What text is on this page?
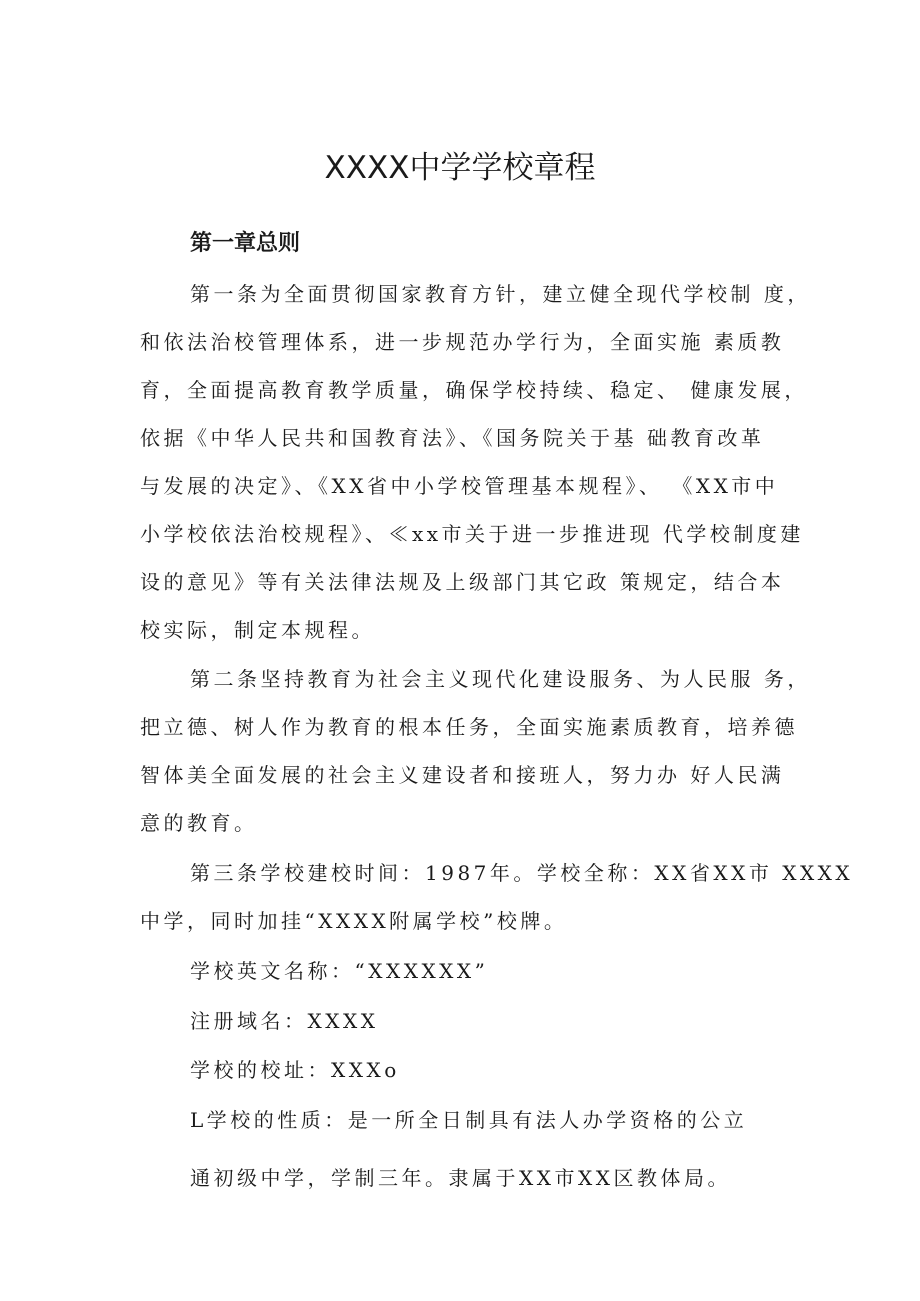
XXXX中学学校章程
第一章总则

第一条为全面贯彻国家教育方针，建立健全现代学校制 度，

和依法治校管理体系，进一步规范办学行为，全面实施 素质教

育，全面提高教育教学质量，确保学校持续、稳定、 健康发展，

依据《中华人民共和国教育法》、《国务院关于基 础教育改革

与发展的决定》、《XX省中小学校管理基本规程》、 《XX市中

小学校依法治校规程》、≪xx市关于进一步推进现 代学校制度建

设的意见》等有关法律法规及上级部门其它政 策规定，结合本

校实际，制定本规程。

第二条坚持教育为社会主义现代化建设服务、为人民服 务，

把立德、树人作为教育的根本任务，全面实施素质教育，培养德

智体美全面发展的社会主义建设者和接班人，努力办 好人民满

意的教育。

第三条学校建校时间：1987年。学校全称：XX省XX市 XXXX

中学，同时加挂“XXXX附属学校”校牌。

学校英文名称：“XXXXXX”

注册域名：XXXX

学校的校址：XXXo

L学校的性质：是一所全日制具有法人办学资格的公立

通初级中学，学制三年。隶属于XX市XX区教体局。
